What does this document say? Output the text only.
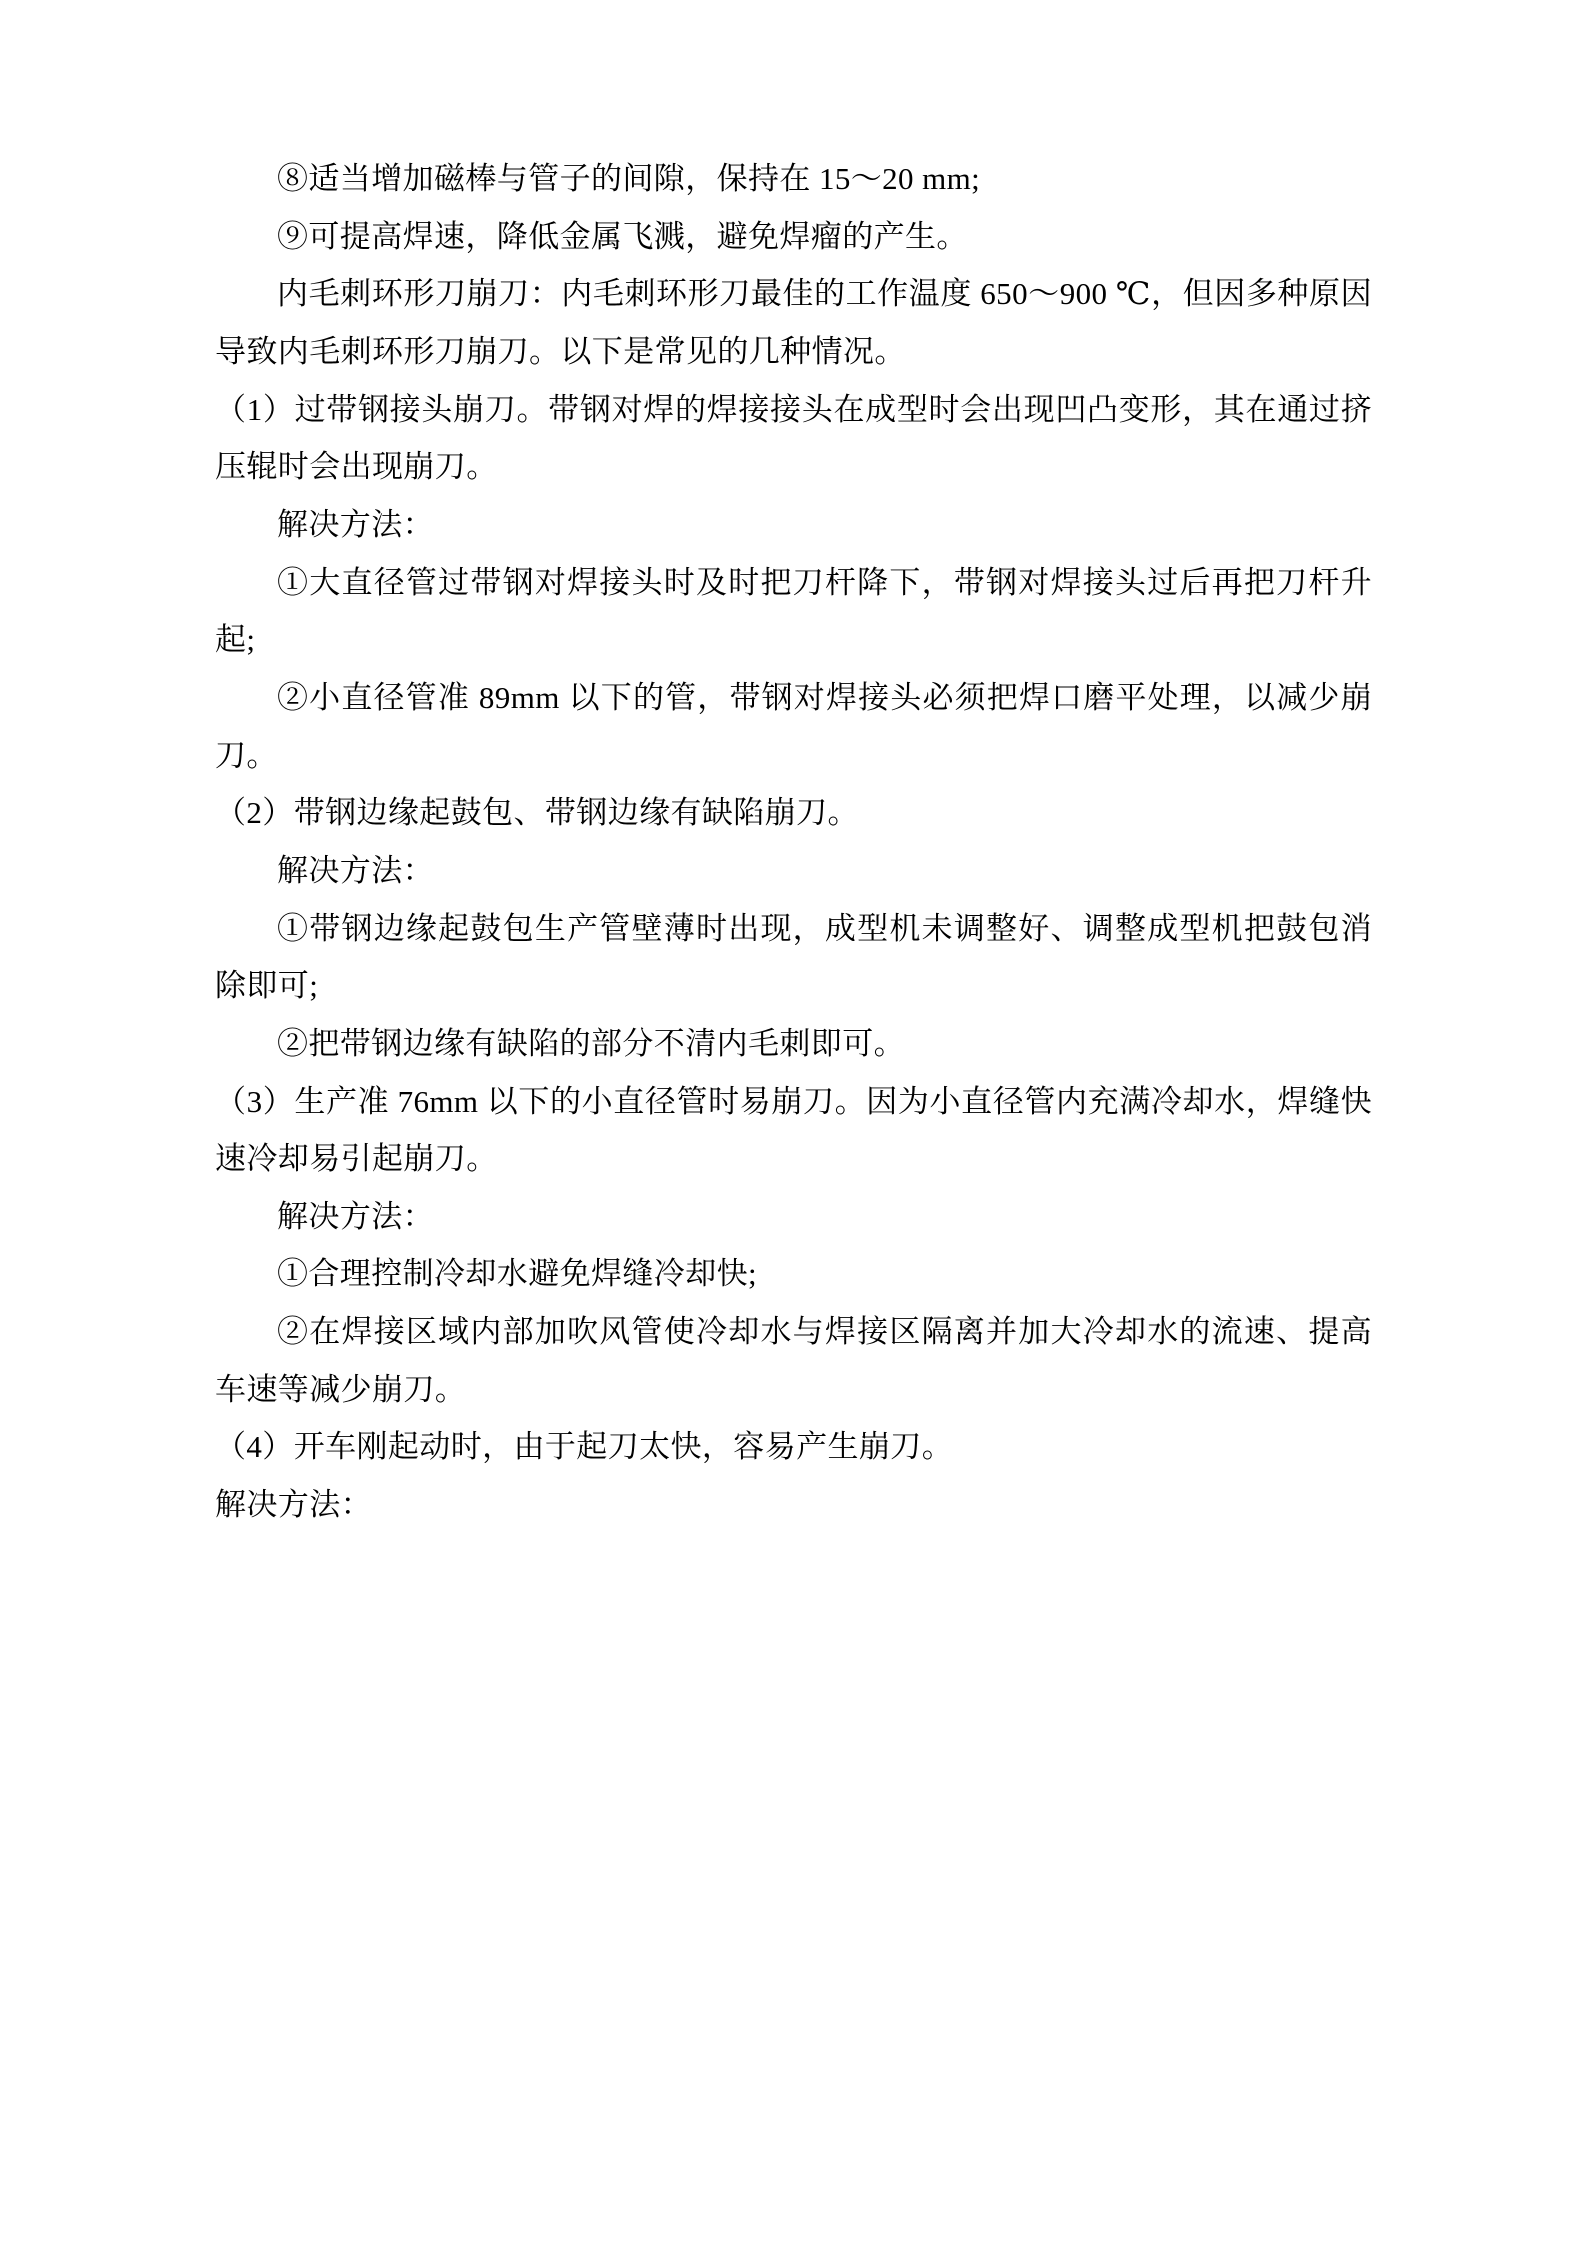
⑧适当增加磁棒与管子的间隙，保持在 15～20 mm;

⑨可提高焊速，降低金属飞溅，避免焊瘤的产生。

内毛刺环形刀崩刀：内毛刺环形刀最佳的工作温度 650～900 ℃，但因多种原因导致内毛刺环形刀崩刀。以下是常见的几种情况。

（1）过带钢接头崩刀。带钢对焊的焊接接头在成型时会出现凹凸变形，其在通过挤压辊时会出现崩刀。

解决方法：

①大直径管过带钢对焊接头时及时把刀杆降下，带钢对焊接头过后再把刀杆升起;

②小直径管准 89mm 以下的管，带钢对焊接头必须把焊口磨平处理，以减少崩刀。

（2）带钢边缘起鼓包、带钢边缘有缺陷崩刀。

解决方法：

①带钢边缘起鼓包生产管壁薄时出现，成型机未调整好、调整成型机把鼓包消除即可;

②把带钢边缘有缺陷的部分不清内毛刺即可。

（3）生产准 76mm 以下的小直径管时易崩刀。因为小直径管内充满冷却水，焊缝快速冷却易引起崩刀。

解决方法：

①合理控制冷却水避免焊缝冷却快;

②在焊接区域内部加吹风管使冷却水与焊接区隔离并加大冷却水的流速、提高车速等减少崩刀。

（4）开车刚起动时，由于起刀太快，容易产生崩刀。

解决方法：
